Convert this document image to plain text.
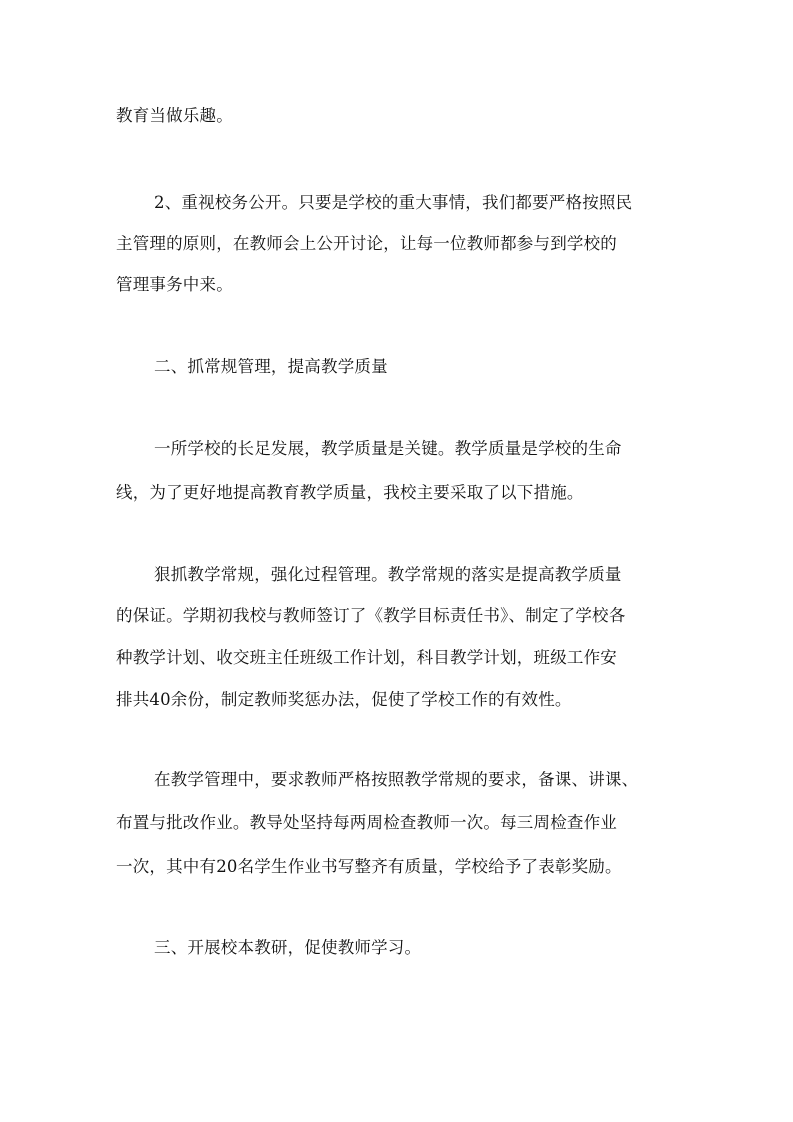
教育当做乐趣。
2、重视校务公开。只要是学校的重大事情，我们都要严格按照民
主管理的原则，在教师会上公开讨论，让每一位教师都参与到学校的
管理事务中来。
二、抓常规管理，提高教学质量
一所学校的长足发展，教学质量是关键。教学质量是学校的生命
线，为了更好地提高教育教学质量，我校主要采取了以下措施。
狠抓教学常规，强化过程管理。教学常规的落实是提高教学质量
的保证。学期初我校与教师签订了《教学目标责任书》、制定了学校各
种教学计划、收交班主任班级工作计划，科目教学计划，班级工作安
排共40余份，制定教师奖惩办法，促使了学校工作的有效性。
在教学管理中，要求教师严格按照教学常规的要求，备课、讲课、
布置与批改作业。教导处坚持每两周检查教师一次。每三周检查作业
一次，其中有20名学生作业书写整齐有质量，学校给予了表彰奖励。
三、开展校本教研，促使教师学习。
